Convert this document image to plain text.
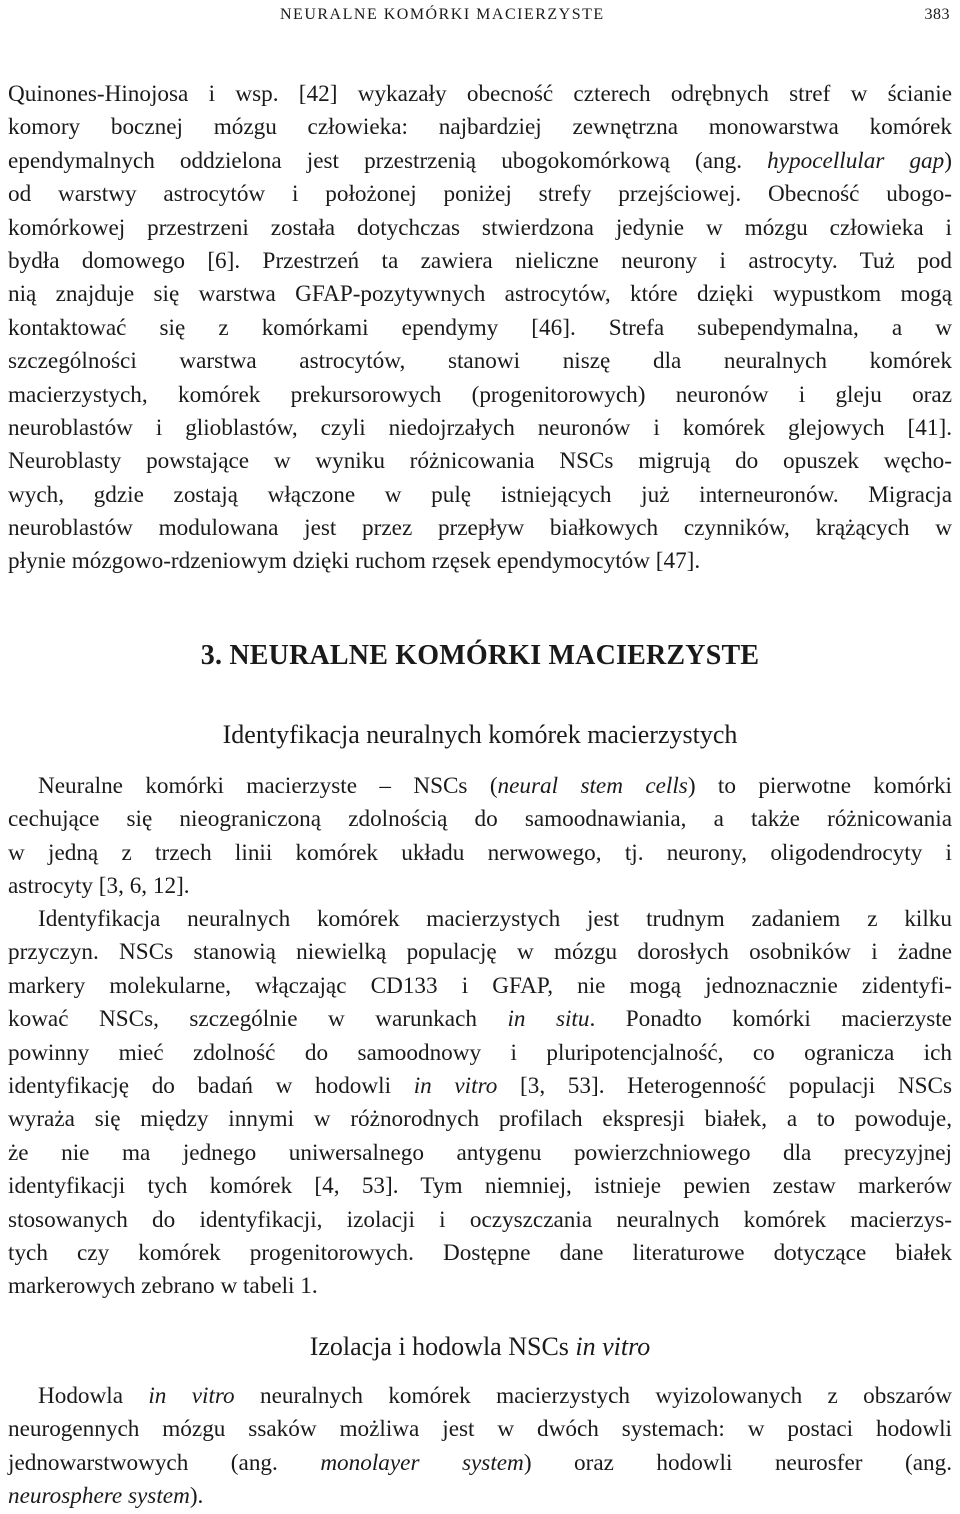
NEURALNE KOMÓRKI MACIERZYSTE	383
Quinones-Hinojosa i wsp. [42] wykazały obecność czterech odrębnych stref w ścianie
komory bocznej mózgu człowieka: najbardziej zewnętrzna monowarstwa komórek
ependymalnych oddzielona jest przestrzenią ubogokomórkową (ang. hypocellular gap)
od warstwy astrocytów i położonej poniżej strefy przejściowej. Obecność ubogo-
komórkowej przestrzeni została dotychczas stwierdzona jedynie w mózgu człowieka i
bydła domowego [6]. Przestrzeń ta zawiera nieliczne neurony i astrocyty. Tuż pod
nią znajduje się warstwa GFAP-pozytywnych astrocytów, które dzięki wypustkom mogą
kontaktować się z komórkami ependymy [46]. Strefa subependymalna, a w
szczególności warstwa astrocytów, stanowi niszę dla neuralnych komórek
macierzystych, komórek prekursorowych (progenitorowych) neuronów i gleju oraz
neuroblastów i glioblastów, czyli niedojrzałych neuronów i komórek glejowych [41].
Neuroblasty powstające w wyniku różnicowania NSCs migrują do opuszek węcho-
wych, gdzie zostają włączone w pulę istniejących już interneuronów. Migracja
neuroblastów modulowana jest przez przepływ białkowych czynników, krążących w
płynie mózgowo-rdzeniowym dzięki ruchom rzęsek ependymocytów [47].
3. NEURALNE KOMÓRKI MACIERZYSTE
Identyfikacja neuralnych komórek macierzystych
Neuralne komórki macierzyste – NSCs (neural stem cells) to pierwotne komórki
cechujące się nieograniczoną zdolnością do samoodnawiania, a także różnicowania
w jedną z trzech linii komórek układu nerwowego, tj. neurony, oligodendrocyty i
astrocyty [3, 6, 12].
Identyfikacja neuralnych komórek macierzystych jest trudnym zadaniem z kilku
przyczyn. NSCs stanowią niewielką populację w mózgu dorosłych osobników i żadne
markery molekularne, włączając CD133 i GFAP, nie mogą jednoznacznie zidentyfi-
kować NSCs, szczególnie w warunkach in situ. Ponadto komórki macierzyste
powinny mieć zdolność do samoodnowy i pluripotencjalność, co ogranicza ich
identyfikację do badań w hodowli in vitro [3, 53]. Heterogenność populacji NSCs
wyraża się między innymi w różnorodnych profilach ekspresji białek, a to powoduje,
że nie ma jednego uniwersalnego antygenu powierzchniowego dla precyzyjnej
identyfikacji tych komórek [4, 53]. Tym niemniej, istnieje pewien zestaw markerów
stosowanych do identyfikacji, izolacji i oczyszczania neuralnych komórek macierzys-
tych czy komórek progenitorowych. Dostępne dane literaturowe dotyczące białek
markerowych zebrano w tabeli 1.
Izolacja i hodowla NSCs in vitro
Hodowla in vitro neuralnych komórek macierzystych wyizolowanych z obszarów
neurogennych mózgu ssaków możliwa jest w dwóch systemach: w postaci hodowli
jednowarstwowych (ang. monolayer system) oraz hodowli neurosfer (ang.
neurosphere system).
